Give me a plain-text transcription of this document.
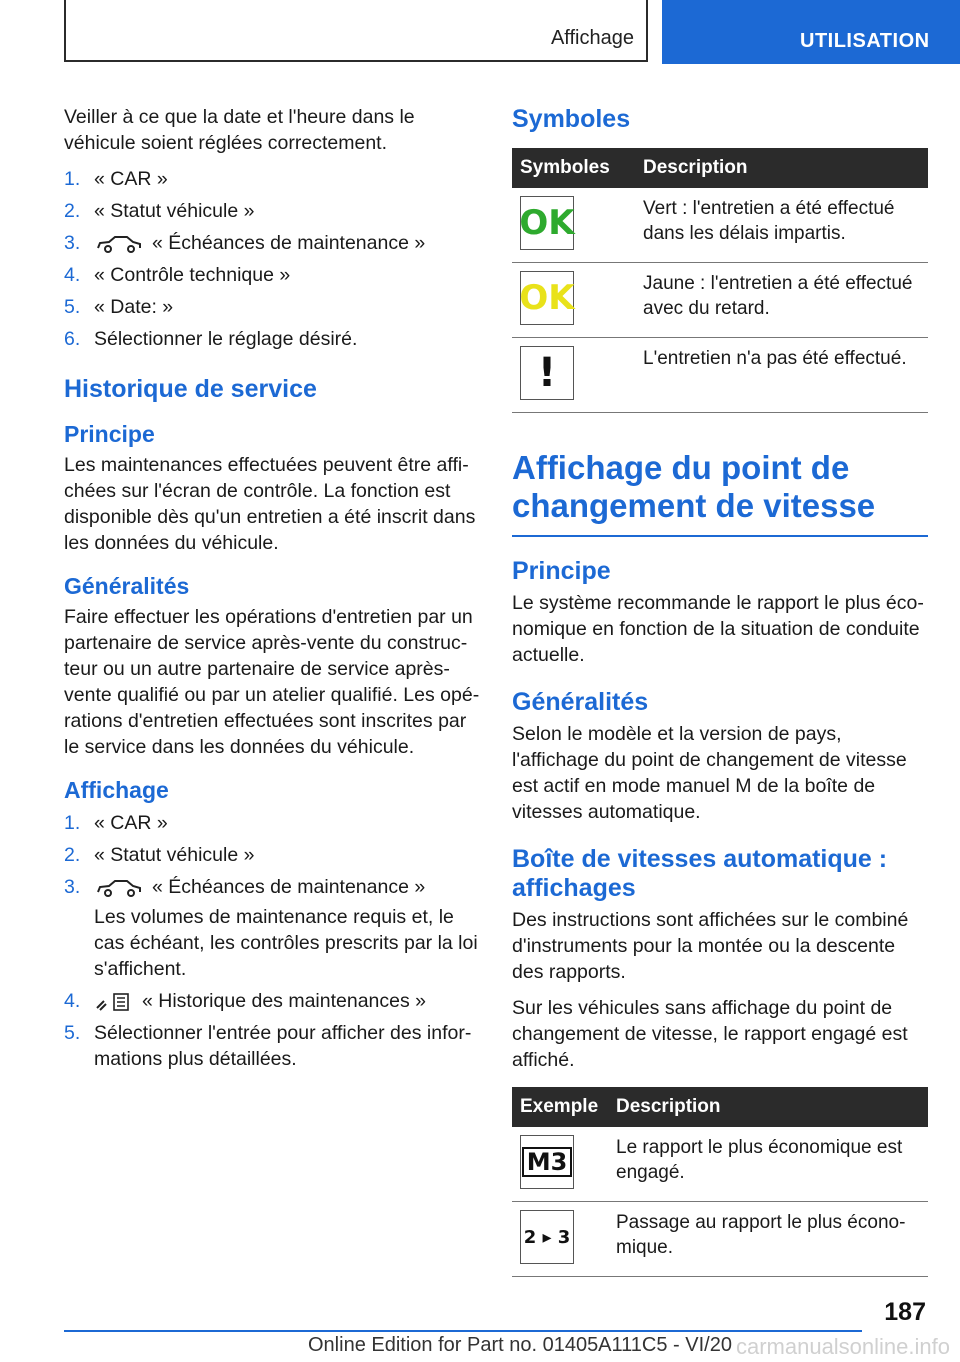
Affichage	UTILISATION

Veiller à ce que la date et l'heure dans le véhicule soient réglées correctement.

1. « CAR »
2. « Statut véhicule »
3.	« Échéances de maintenance »
4. « Contrôle technique »
5. « Date: »
6. Sélectionner le réglage désiré.
Historique de service
Principe

Les maintenances effectuées peuvent être affichées sur l'écran de contrôle. La fonction est disponible dès qu'un entretien a été inscrit dans les données du véhicule.

Généralités

Faire effectuer les opérations d'entretien par un partenaire de service après-vente du constructeur ou un autre partenaire de service après-vente qualifié ou par un atelier qualifié. Les opérations d'entretien effectuées sont inscrites par le service dans les données du véhicule.

Affichage
1. « CAR »
2. « Statut véhicule »
3.	« Échéances de maintenance »
Les volumes de maintenance requis et, le cas échéant, les contrôles prescrits par la loi s'affichent.
4.	« Historique des maintenances »
5. Sélectionner l'entrée pour afficher des informations plus détaillées.
Symboles
Symboles	Description

OK	Vert : l'entretien a été effectué dans les délais impartis.

OK	Jaune : l'entretien a été effectué avec du retard.

!	L'entretien n'a pas été effectué.
Affichage du point de changement de vitesse
Principe

Le système recommande le rapport le plus économique en fonction de la situation de conduite actuelle.

Généralités

Selon le modèle et la version de pays, l'affichage du point de changement de vitesse est actif en mode manuel M de la boîte de vitesses automatique.

Boîte de vitesses automatique : affichages

Des instructions sont affichées sur le combiné d'instruments pour la montée ou la descente des rapports.

Sur les véhicules sans affichage du point de changement de vitesse, le rapport engagé est affiché.

Exemple	Description

M3	Le rapport le plus économique est engagé.

2 ▸ 3	Passage au rapport le plus économique.
187
Online Edition for Part no. 01405A111C5 - VI/20 carmanualsonline.info
